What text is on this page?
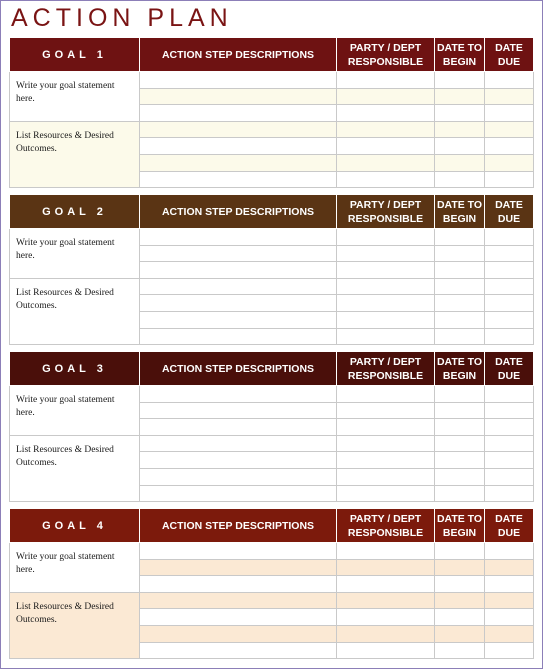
ACTION PLAN
GOAL 1	ACTION STEP DESCRIPTIONS	PARTY / DEPT RESPONSIBLE	DATE TO BEGIN	DATE DUE
Write your goal statement here.				

List Resources & Desired Outcomes.				

GOAL 2	ACTION STEP DESCRIPTIONS	PARTY / DEPT RESPONSIBLE	DATE TO BEGIN	DATE DUE
Write your goal statement here.				

List Resources & Desired Outcomes.				

GOAL 3	ACTION STEP DESCRIPTIONS	PARTY / DEPT RESPONSIBLE	DATE TO BEGIN	DATE DUE
Write your goal statement here.				

List Resources & Desired Outcomes.				

GOAL 4	ACTION STEP DESCRIPTIONS	PARTY / DEPT RESPONSIBLE	DATE TO BEGIN	DATE DUE
Write your goal statement here.				

List Resources & Desired Outcomes.				
